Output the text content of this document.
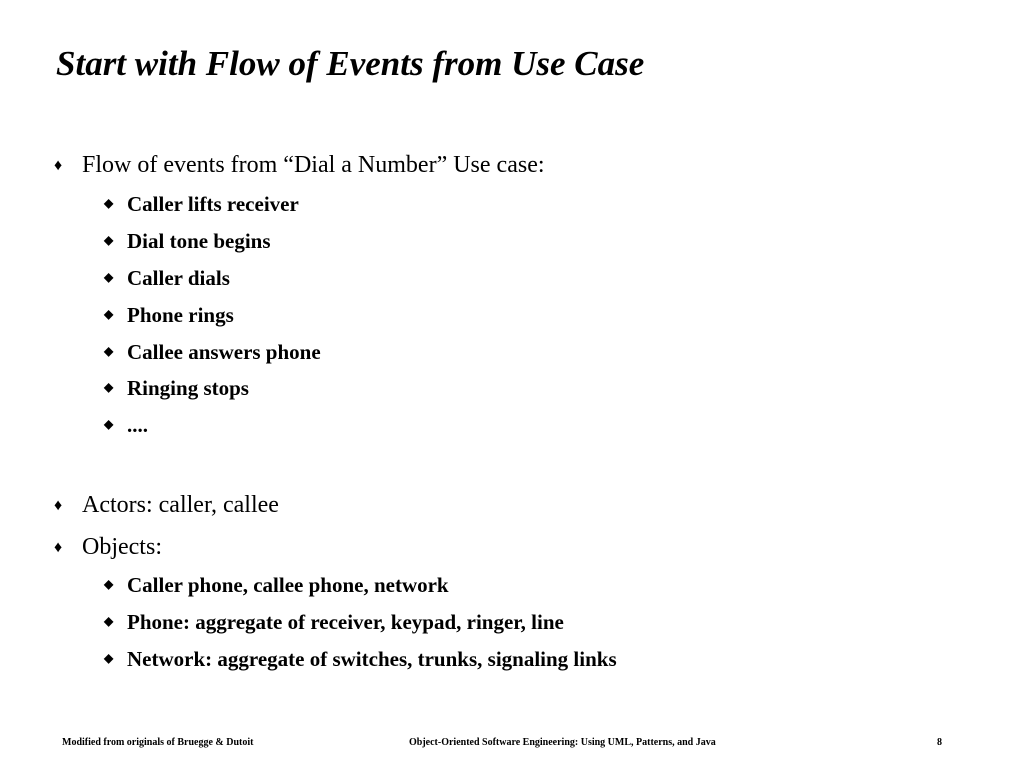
Start with Flow of Events from Use Case
♦ Flow of events from “Dial a Number” Use case:
◆ Caller lifts receiver
◆ Dial tone begins
◆ Caller dials
◆ Phone rings
◆ Callee answers phone
◆ Ringing stops
◆ ....
♦ Actors: caller, callee
♦ Objects:
◆ Caller phone, callee phone, network
◆ Phone: aggregate of receiver, keypad, ringer, line
◆ Network: aggregate of switches, trunks, signaling links
Modified from originals of Bruegge & Dutoit	Object-Oriented Software Engineering: Using UML, Patterns, and Java	8
